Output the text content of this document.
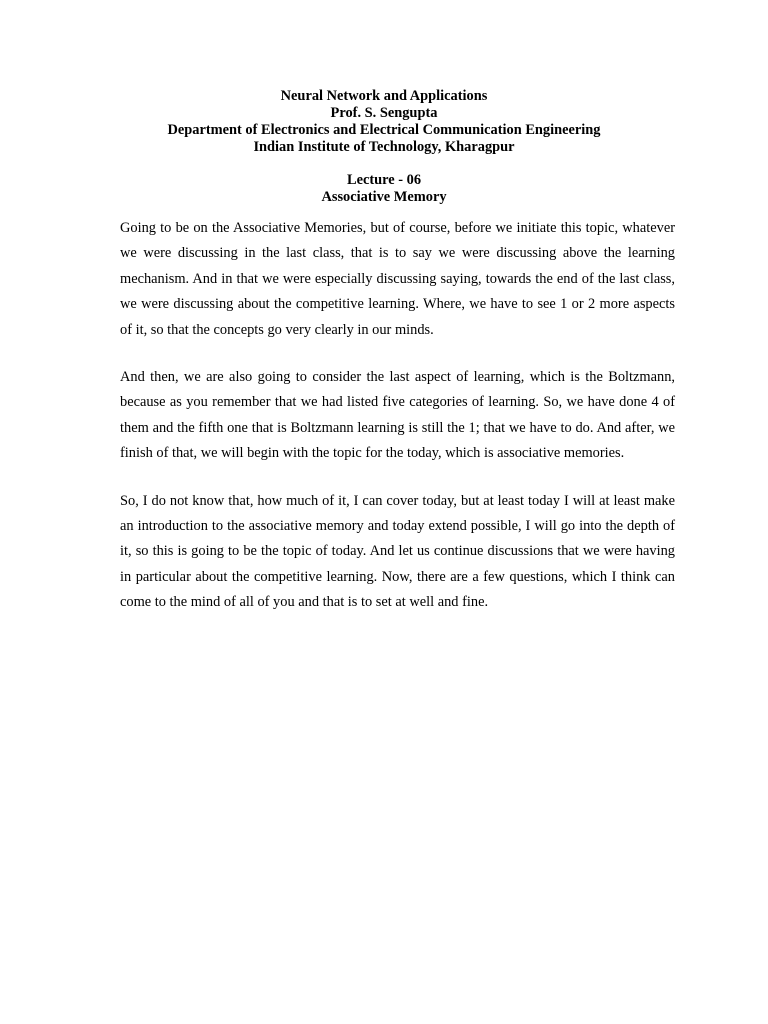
Neural Network and Applications
Prof. S. Sengupta
Department of Electronics and Electrical Communication Engineering
Indian Institute of Technology, Kharagpur
Lecture - 06
Associative Memory

Going to be on the Associative Memories, but of course, before we initiate this topic, whatever we were discussing in the last class, that is to say we were discussing above the learning mechanism. And in that we were especially discussing saying, towards the end of the last class, we were discussing about the competitive learning. Where, we have to see 1 or 2 more aspects of it, so that the concepts go very clearly in our minds.

And then, we are also going to consider the last aspect of learning, which is the Boltzmann, because as you remember that we had listed five categories of learning. So, we have done 4 of them and the fifth one that is Boltzmann learning is still the 1; that we have to do. And after, we finish of that, we will begin with the topic for the today, which is associative memories.

So, I do not know that, how much of it, I can cover today, but at least today I will at least make an introduction to the associative memory and today extend possible, I will go into the depth of it, so this is going to be the topic of today. And let us continue discussions that we were having in particular about the competitive learning. Now, there are a few questions, which I think can come to the mind of all of you and that is to set at well and fine.
